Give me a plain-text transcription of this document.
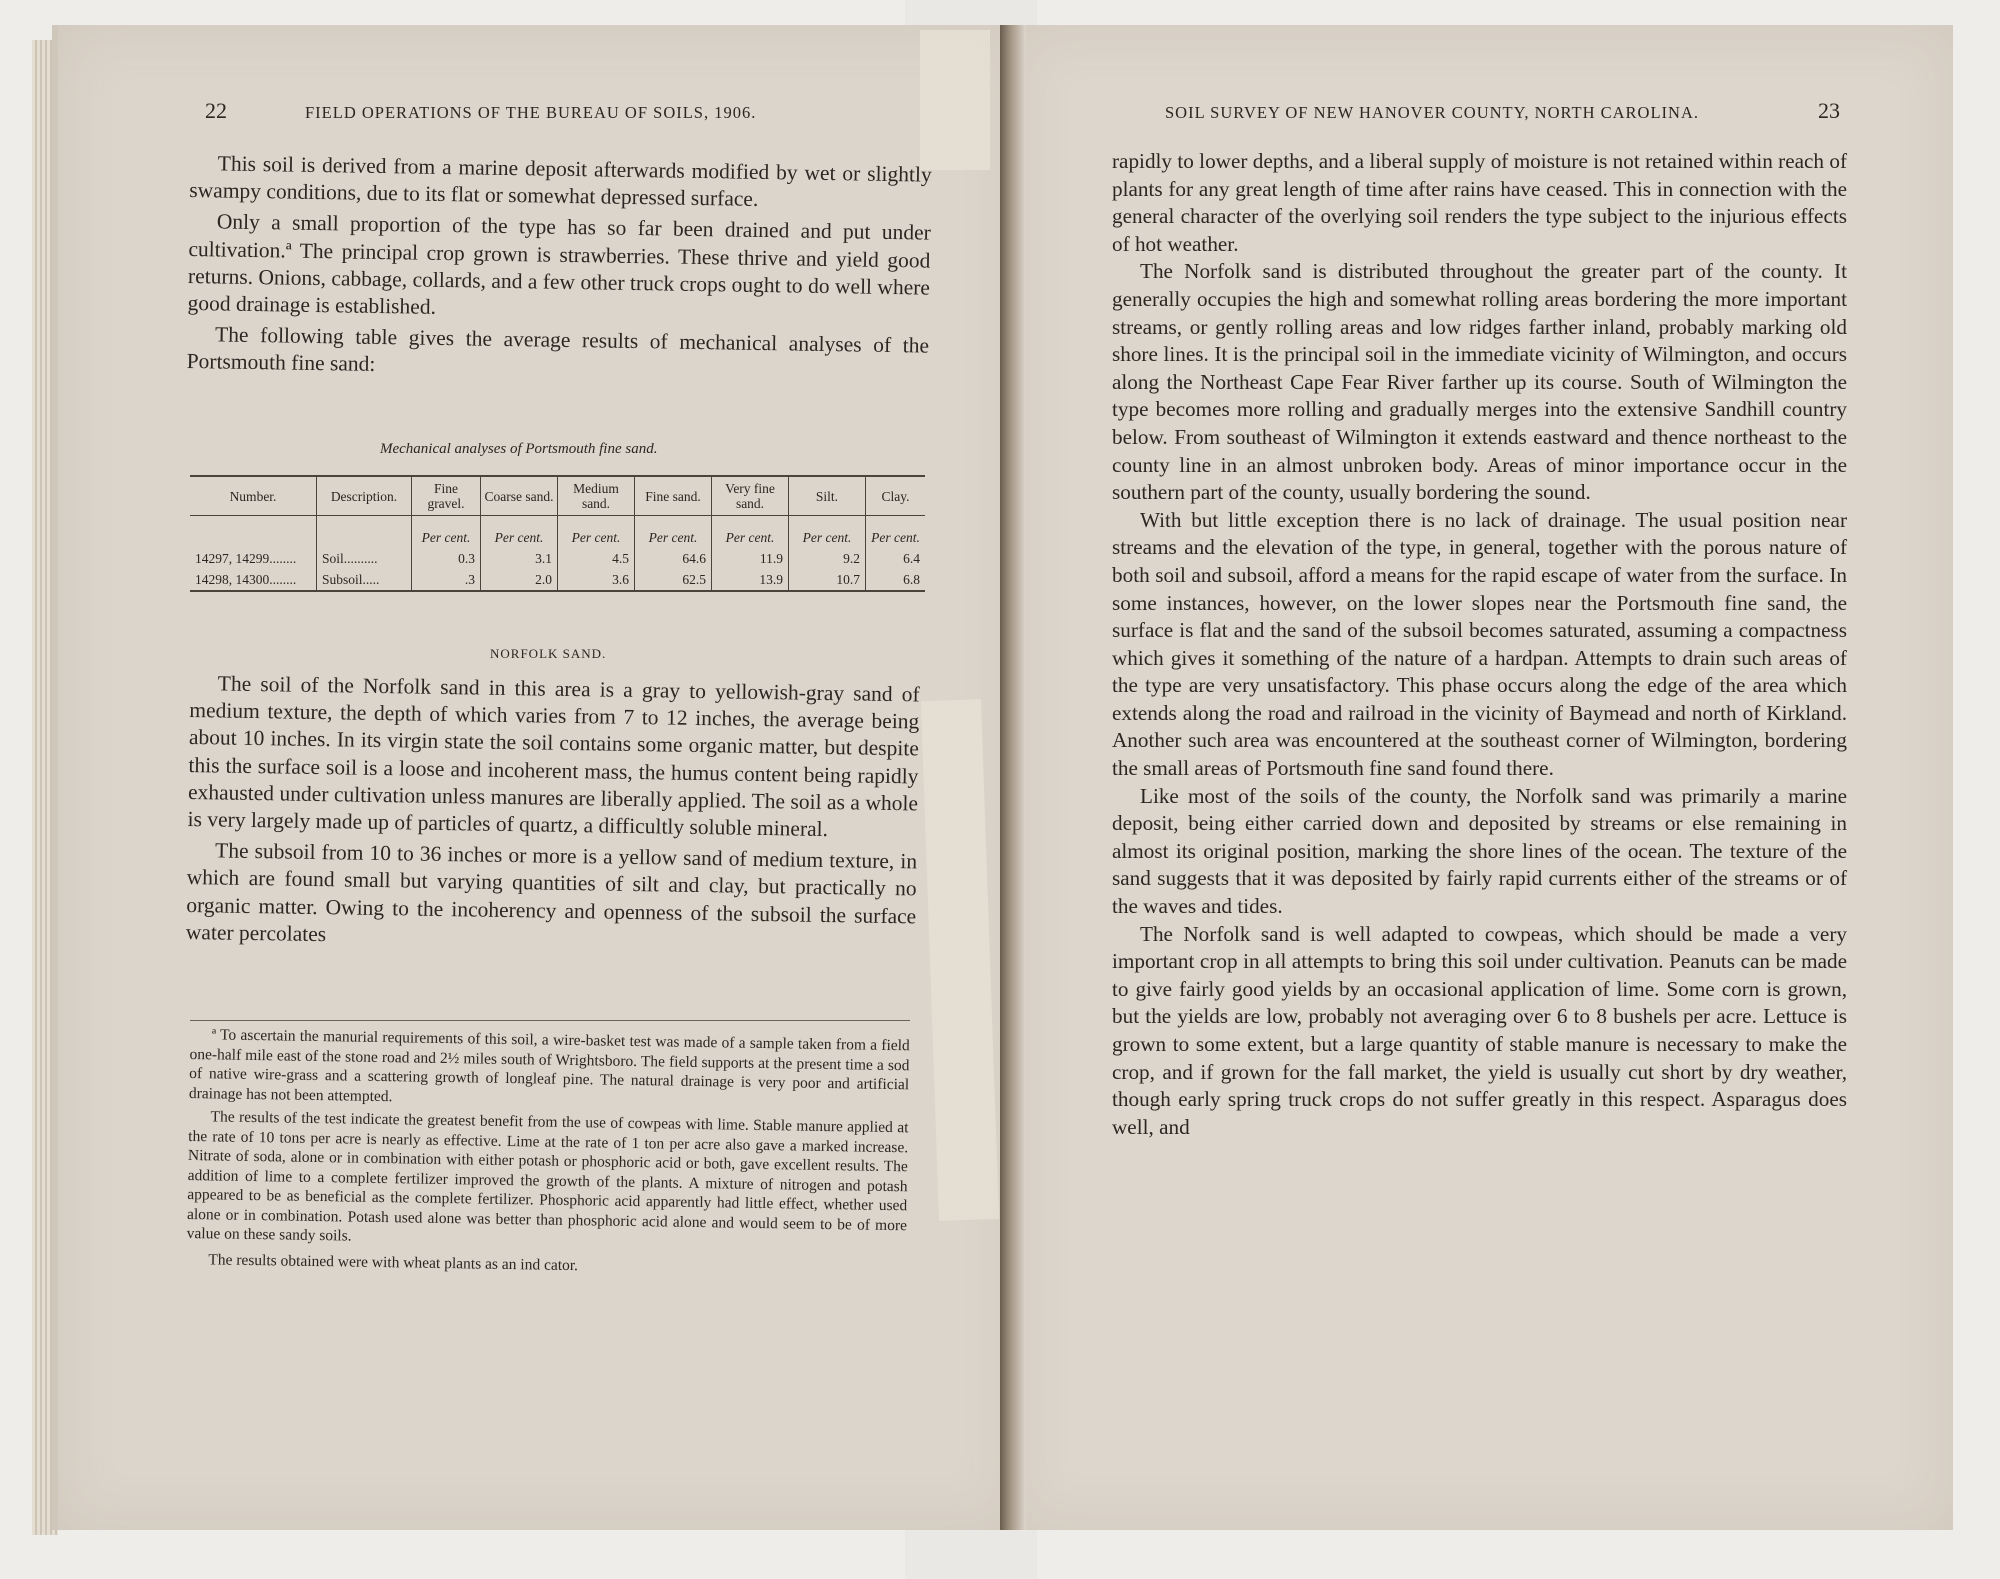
22	FIELD OPERATIONS OF THE BUREAU OF SOILS, 1906.

This soil is derived from a marine deposit afterwards modified by wet or slightly swampy conditions, due to its flat or somewhat depressed surface.

Only a small proportion of the type has so far been drained and put under cultivation.ª The principal crop grown is strawberries. These thrive and yield good returns. Onions, cabbage, collards, and a few other truck crops ought to do well where good drainage is established.

The following table gives the average results of mechanical analyses of the Portsmouth fine sand:

Mechanical analyses of Portsmouth fine sand.
Number.	Description.	Fine gravel.	Coarse sand.	Medium sand.	Fine sand.	Very fine sand.	Silt.	Clay.
		Per cent.	Per cent.	Per cent.	Per cent.	Per cent.	Per cent.	Per cent.
14297, 14299........	Soil..........	0.3	3.1	4.5	64.6	11.9	9.2	6.4
14298, 14300........	Subsoil.....	.3	2.0	3.6	62.5	13.9	10.7	6.8
NORFOLK SAND.

The soil of the Norfolk sand in this area is a gray to yellowish-gray sand of medium texture, the depth of which varies from 7 to 12 inches, the average being about 10 inches. In its virgin state the soil contains some organic matter, but despite this the surface soil is a loose and incoherent mass, the humus content being rapidly exhausted under cultivation unless manures are liberally applied. The soil as a whole is very largely made up of particles of quartz, a difficultly soluble mineral.

The subsoil from 10 to 36 inches or more is a yellow sand of medium texture, in which are found small but varying quantities of silt and clay, but practically no organic matter. Owing to the incoherency and openness of the subsoil the surface water percolates

ª To ascertain the manurial requirements of this soil, a wire-basket test was made of a sample taken from a field one-half mile east of the stone road and 2½ miles south of Wrightsboro. The field supports at the present time a sod of native wire-grass and a scattering growth of longleaf pine. The natural drainage is very poor and artificial drainage has not been attempted.

The results of the test indicate the greatest benefit from the use of cowpeas with lime. Stable manure applied at the rate of 10 tons per acre is nearly as effective. Lime at the rate of 1 ton per acre also gave a marked increase. Nitrate of soda, alone or in combination with either potash or phosphoric acid or both, gave excellent results. The addition of lime to a complete fertilizer improved the growth of the plants. A mixture of nitrogen and potash appeared to be as beneficial as the complete fertilizer. Phosphoric acid apparently had little effect, whether used alone or in combination. Potash used alone was better than phosphoric acid alone and would seem to be of more value on these sandy soils.

The results obtained were with wheat plants as an ind cator.

SOIL SURVEY OF NEW HANOVER COUNTY, NORTH CAROLINA.	23

rapidly to lower depths, and a liberal supply of moisture is not retained within reach of plants for any great length of time after rains have ceased. This in connection with the general character of the overlying soil renders the type subject to the injurious effects of hot weather.

The Norfolk sand is distributed throughout the greater part of the county. It generally occupies the high and somewhat rolling areas bordering the more important streams, or gently rolling areas and low ridges farther inland, probably marking old shore lines. It is the principal soil in the immediate vicinity of Wilmington, and occurs along the Northeast Cape Fear River farther up its course. South of Wilmington the type becomes more rolling and gradually merges into the extensive Sandhill country below. From southeast of Wilmington it extends eastward and thence northeast to the county line in an almost unbroken body. Areas of minor importance occur in the southern part of the county, usually bordering the sound.

With but little exception there is no lack of drainage. The usual position near streams and the elevation of the type, in general, together with the porous nature of both soil and subsoil, afford a means for the rapid escape of water from the surface. In some instances, however, on the lower slopes near the Portsmouth fine sand, the surface is flat and the sand of the subsoil becomes saturated, assuming a compactness which gives it something of the nature of a hardpan. Attempts to drain such areas of the type are very unsatisfactory. This phase occurs along the edge of the area which extends along the road and railroad in the vicinity of Baymead and north of Kirkland. Another such area was encountered at the southeast corner of Wilmington, bordering the small areas of Portsmouth fine sand found there.

Like most of the soils of the county, the Norfolk sand was primarily a marine deposit, being either carried down and deposited by streams or else remaining in almost its original position, marking the shore lines of the ocean. The texture of the sand suggests that it was deposited by fairly rapid currents either of the streams or of the waves and tides.

The Norfolk sand is well adapted to cowpeas, which should be made a very important crop in all attempts to bring this soil under cultivation. Peanuts can be made to give fairly good yields by an occasional application of lime. Some corn is grown, but the yields are low, probably not averaging over 6 to 8 bushels per acre. Lettuce is grown to some extent, but a large quantity of stable manure is necessary to make the crop, and if grown for the fall market, the yield is usually cut short by dry weather, though early spring truck crops do not suffer greatly in this respect. Asparagus does well, and
